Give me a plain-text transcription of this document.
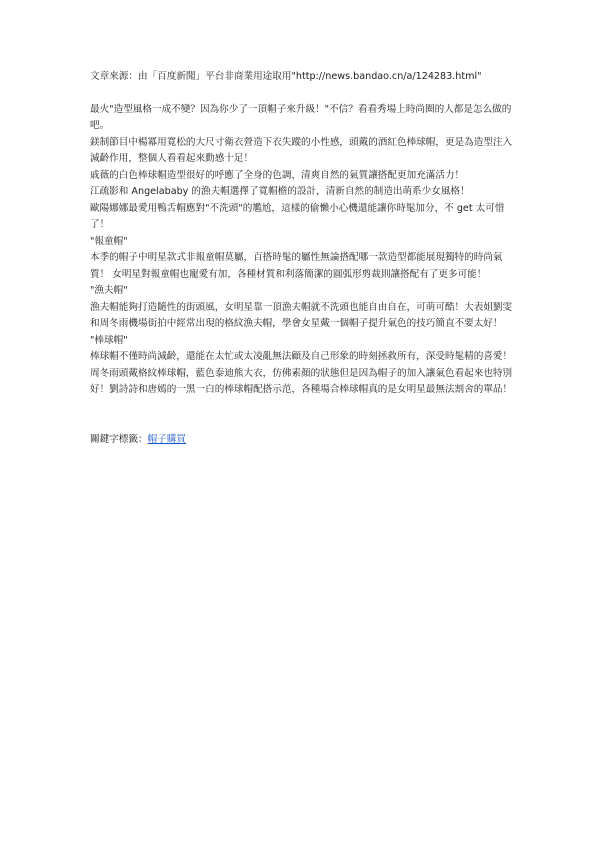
文章來源：由「百度新聞」平台非商業用途取用"http://news.bandao.cn/a/124283.html"

最火"造型風格一成不變？因為你少了一頂帽子來升級！"不信？看看秀場上時尚圈的人都是怎么做的吧。

鎂制節目中楊冪用寬松的大尺寸衛衣營造下衣失蹤的小性感，頭戴的酒紅色棒球帽，更是為造型注入減齡作用，整個人看看起來動感十足！

戚薇的白色棒球帽造型很好的呼應了全身的色調，清爽自然的氣質讓搭配更加充滿活力！

江疏影和 Angelababy 的漁夫帽選擇了寬帽檐的設計，清新自然的制造出萌系少女風格！

歐陽娜娜最愛用鴨舌帽應對"不洗頭"的尷尬，這樣的偷懶小心機還能讓你時髦加分，不 get 太可惜了！

"報童帽"

本季的帽子中明星款式非報童帽莫屬，百搭時髦的屬性無論搭配哪一款造型都能展現獨特的時尚氣質！ 女明星對報童帽也寵愛有加，各種材質和利落簡潔的圓弧形剪裁則讓搭配有了更多可能！

"漁夫帽"

漁夫帽能夠打造隨性的街頭風，女明星靠一頂漁夫帽就不洗頭也能自由自在，可萌可酷！大表姐劉雯和周冬雨機場街拍中經常出現的格紋漁夫帽，學會女星戴一個帽子提升氣色的技巧簡直不要太好！

"棒球帽"

棒球帽不僅時尚減齡，還能在太忙或太凌亂無法顧及自己形象的時刻拯救所有，深受時髦精的喜愛！周冬雨頭戴格紋棒球帽，藍色泰迪熊大衣，仿佛素顏的狀態但是因為帽子的加入讓氣色看起來也特別好！劉詩詩和唐嫣的一黑一白的棒球帽配搭示范，各種場合棒球帽真的是女明星最無法割舍的單品！

關鍵字標籤：帽子購買
